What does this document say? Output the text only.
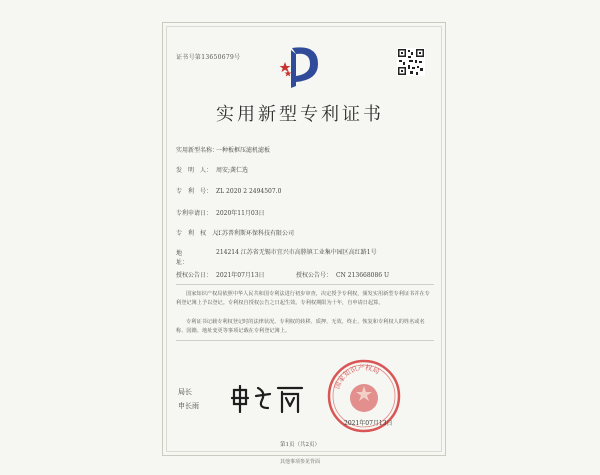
证书号第13650679号
实用新型专利证书
实用新型名称：一种板框压滤机滤板
发　明　人： 周安;龚仁选
专　利　号： ZL 2020 2 2494507.0
专利申请日： 2020年11月03日
专　利　权　人：江苏普利斯环保科技有限公司
地　　　　址：214214 江苏省无锡市宜兴市高塍镇工业集中园区高红路1号
授权公告日： 2021年07月13日	授权公告号： CN 213668086 U
国家知识产权局依照中华人民共和国专利法进行初步审查，决定授予专利权，颁发实用新型专利证书并在专利登记簿上予以登记。专利权自授权公告之日起生效。专利权期限为十年，自申请日起算。
专利证书记载专利权登记时的法律状况。专利权的转移、质押、无效、终止、恢复和专利权人的姓名或名称、国籍、地址变更等事项记载在专利登记簿上。
局长
申长雨
国家知识产权局
2021年07月13日
第1页（共2页）
其他事项参见背面
